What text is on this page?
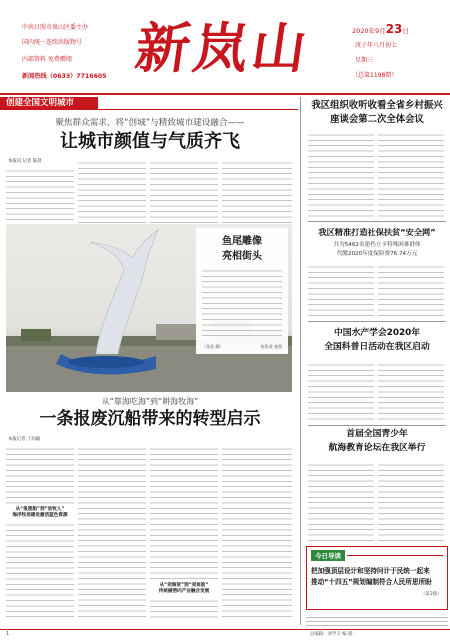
中共日照市岚山区委主办
国内统一连续出版物号
内部资料 免费赠阅
新闻热线（0633）7716605 新岚山	2020年9月23日
庚子年八月初七
星期三
（总第1198期）
创建全国文明城市
聚焦群众需求，将“创城”与精致城市建设融合——
让城市颜值与气质齐飞
本报讯 记者 陈晨
鱼尾雕像
亮相街头
（张星 摄）	崔彩英 张照
从“靠海吃海”到“耕海牧海”
一条报废沉船带来的转型启示
本报记者 丁尚颖
从“报废船”到“放牧人”
海洋牧场建设激活蓝色资源
从“卖海货”到“卖体验”
传统捕捞向产业融合发展
我区组织收听收看全省乡村振兴座谈会第二次全体会议
我区精准打造社保扶贫“安全网”
共为5462名建档立卡特殊困难群体
代缴2020年度保险费76.74万元
中国水产学会2020年
全国科普日活动在我区启动
首届全国青少年
航海教育论坛在我区举行
今日导读
把加强顶层设计和坚持问计于民统一起来
推动“十四五”规划编制符合人民所思所盼
（第2版）
总编辑：刘学义 编 版：
1
